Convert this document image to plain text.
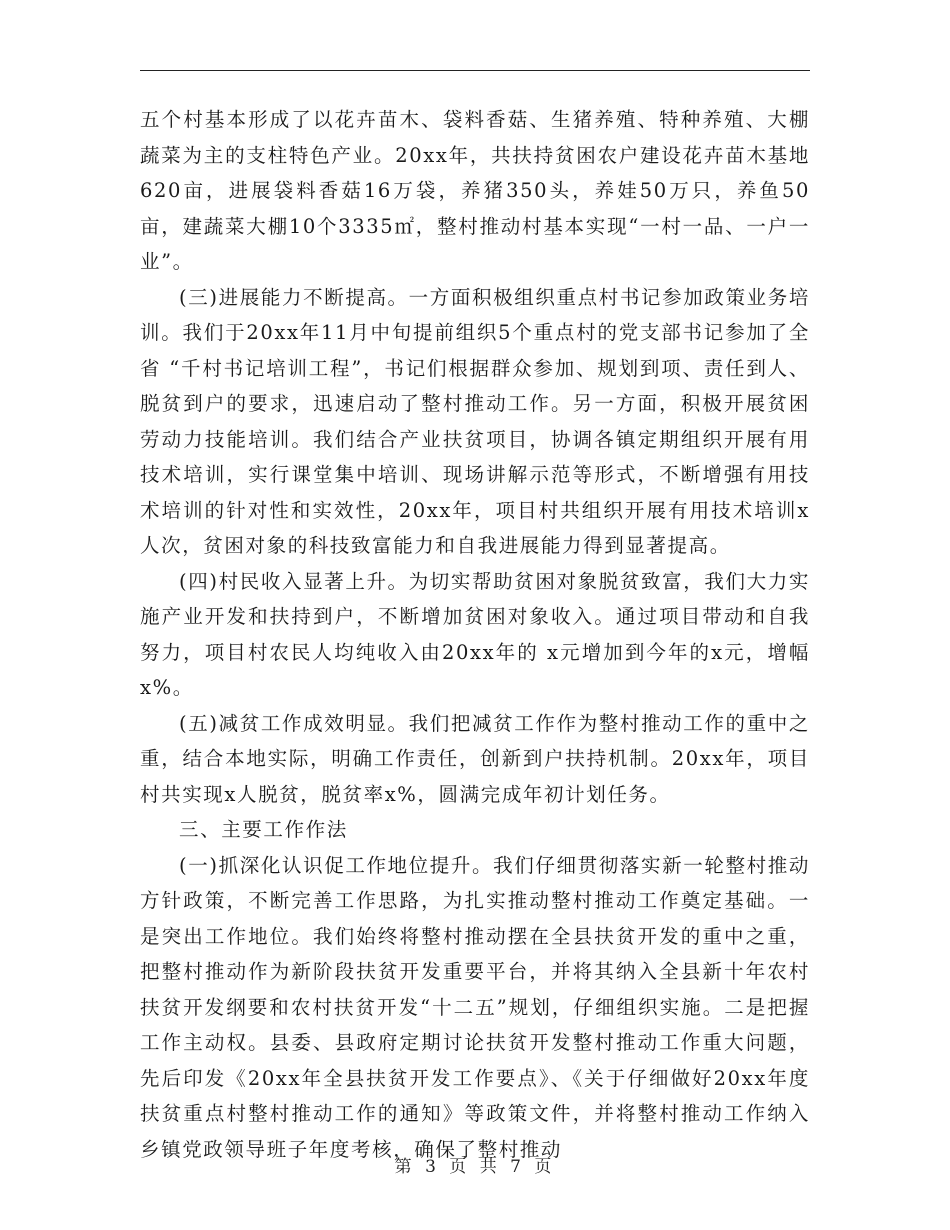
五个村基本形成了以花卉苗木、袋料香菇、生猪养殖、特种养殖、大棚蔬菜为主的支柱特色产业。20xx年，共扶持贫困农户建设花卉苗木基地620亩，进展袋料香菇16万袋，养猪350头，养娃50万只，养鱼50亩，建蔬菜大棚10个3335㎡，整村推动村基本实现“一村一品、一户一业”。

(三)进展能力不断提高。一方面积极组织重点村书记参加政策业务培训。我们于20xx年11月中旬提前组织5个重点村的党支部书记参加了全省 “千村书记培训工程”，书记们根据群众参加、规划到项、责任到人、脱贫到户的要求，迅速启动了整村推动工作。另一方面，积极开展贫困劳动力技能培训。我们结合产业扶贫项目，协调各镇定期组织开展有用技术培训，实行课堂集中培训、现场讲解示范等形式，不断增强有用技术培训的针对性和实效性，20xx年，项目村共组织开展有用技术培训x人次，贫困对象的科技致富能力和自我进展能力得到显著提高。

(四)村民收入显著上升。为切实帮助贫困对象脱贫致富，我们大力实施产业开发和扶持到户，不断增加贫困对象收入。通过项目带动和自我努力，项目村农民人均纯收入由20xx年的 x元增加到今年的x元，增幅x%。

(五)减贫工作成效明显。我们把减贫工作作为整村推动工作的重中之重，结合本地实际，明确工作责任，创新到户扶持机制。20xx年，项目村共实现x人脱贫，脱贫率x%，圆满完成年初计划任务。

三、主要工作作法

(一)抓深化认识促工作地位提升。我们仔细贯彻落实新一轮整村推动方针政策，不断完善工作思路，为扎实推动整村推动工作奠定基础。一是突出工作地位。我们始终将整村推动摆在全县扶贫开发的重中之重，把整村推动作为新阶段扶贫开发重要平台，并将其纳入全县新十年农村扶贫开发纲要和农村扶贫开发“十二五”规划，仔细组织实施。二是把握工作主动权。县委、县政府定期讨论扶贫开发整村推动工作重大问题，先后印发《20xx年全县扶贫开发工作要点》、《关于仔细做好20xx年度扶贫重点村整村推动工作的通知》等政策文件，并将整村推动工作纳入乡镇党政领导班子年度考核，确保了整村推动

第 3 页 共 7 页
